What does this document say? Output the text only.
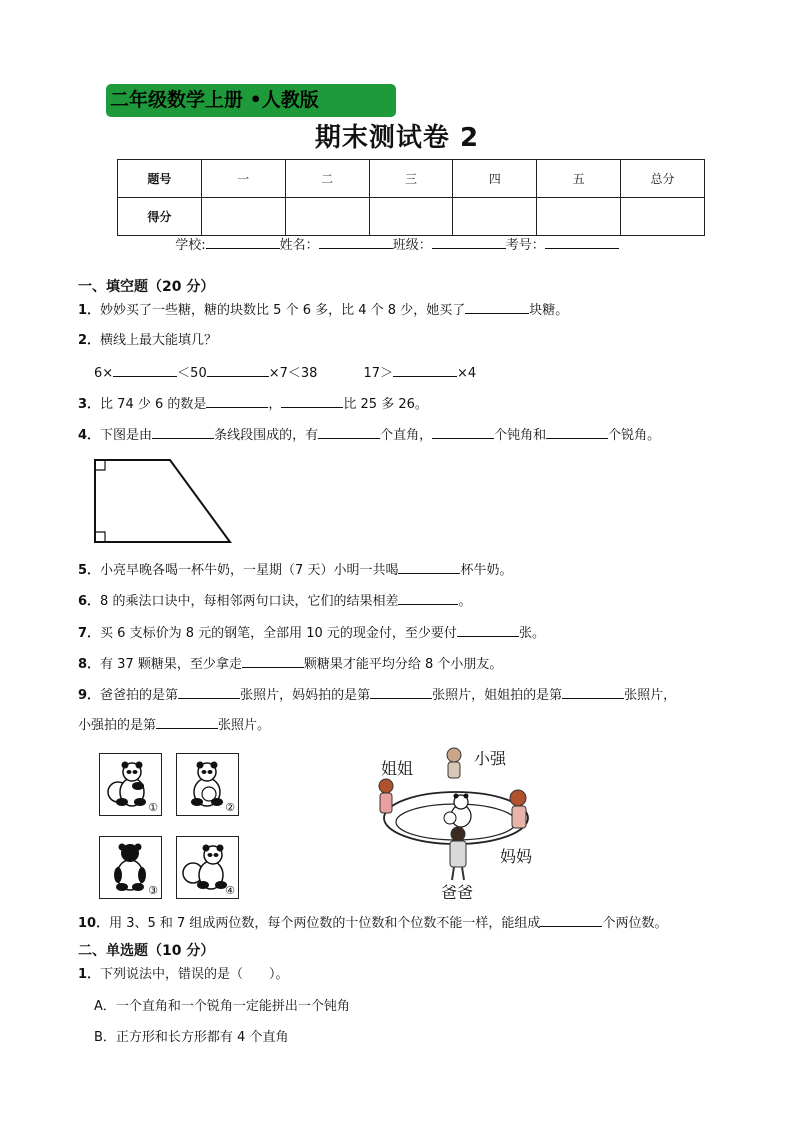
二年级数学上册 •人教版
期末测试卷 2
题号	一	二	三	四	五	总分
得分						
学校:	姓名：	班级：	考号：
一、填空题（20 分）
1．妙妙买了一些糖，糖的块数比 5 个 6 多，比 4 个 8 少，她买了	块糖。
2．横线上最大能填几？
6×	＜50	×7＜38	17＞	×4
3．比 74 少 6 的数是	，	比 25 多 26。
4．下图是由	条线段围成的，有	个直角，	个钝角和	个锐角。
5．小亮早晚各喝一杯牛奶，一星期（7 天）小明一共喝	杯牛奶。
6．8 的乘法口诀中，每相邻两句口诀，它们的结果相差	。
7．买 6 支标价为 8 元的钢笔，全部用 10 元的现金付，至少要付	张。
8．有 37 颗糖果，至少拿走	颗糖果才能平均分给 8 个小朋友。
9．爸爸拍的是第	张照片，妈妈拍的是第	张照片，姐姐拍的是第	张照片，
小强拍的是第	张照片。
①	②
③	④
姐姐
小强
妈妈
爸爸
10．用 3、5 和 7 组成两位数，每个两位数的十位数和个位数不能一样，能组成	个两位数。
二、单选题（10 分）
1．下列说法中，错误的是（　　）。
A．一个直角和一个锐角一定能拼出一个钝角
B．正方形和长方形都有 4 个直角
